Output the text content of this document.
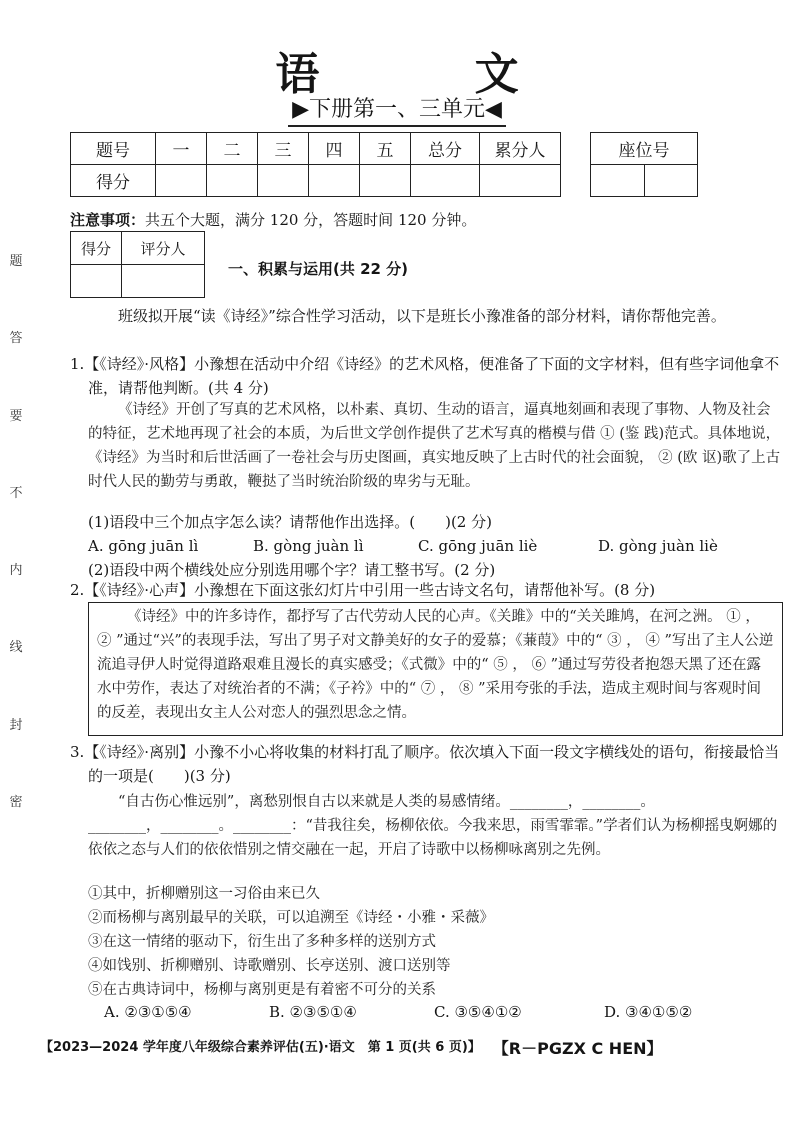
题
答
要
不
内
线
封
密
语 文
▶下册第一、三单元◀
题号	一	二	三	四	五	总分	累分人
得分							
座位号

注意事项：共五个大题，满分 120 分，答题时间 120 分钟。
得分	评分人

一、积累与运用(共 22 分)
班级拟开展“读《诗经》”综合性学习活动，以下是班长小豫准备的部分材料，请你帮他完善。
1.【《诗经》·风格】小豫想在活动中介绍《诗经》的艺术风格，便准备了下面的文字材料，但有些字词他拿不准，请帮他判断。(共 4 分)
《诗经》开创了写真的艺术风格，以朴素、真切、生动的语言，逼真地刻画和表现了事物、人物及社会的特征，艺术地再现了社会的本质，为后世文学创作提供了艺术写真的楷模与借 ① (鉴 践)范式。具体地说，《诗经》为当时和后世活画了一卷社会与历史图画，真实地反映了上古时代的社会面貌， ② (欧 讴)歌了上古时代人民的勤劳与勇敢，鞭挞了当时统治阶级的卑劣与无耻。
(1)语段中三个加点字怎么读？请帮他作出选择。(　　)(2 分)
A. gōng juān lì	B. gòng juàn lì	C. gōng juān liè	D. gòng juàn liè
(2)语段中两个横线处应分别选用哪个字？请工整书写。(2 分)
2.【《诗经》·心声】小豫想在下面这张幻灯片中引用一些古诗文名句，请帮他补写。(8 分)
《诗经》中的许多诗作，都抒写了古代劳动人民的心声。《关雎》中的“关关雎鸠，在河之洲。 ① ， ② ”通过“兴”的表现手法，写出了男子对文静美好的女子的爱慕；《蒹葭》中的“ ③ ， ④ ”写出了主人公逆流追寻伊人时觉得道路艰难且漫长的真实感受；《式微》中的“ ⑤ ， ⑥ ”通过写劳役者抱怨天黑了还在露水中劳作，表达了对统治者的不满；《子衿》中的“ ⑦ ， ⑧ ”采用夸张的手法，造成主观时间与客观时间的反差，表现出女主人公对恋人的强烈思念之情。
3.【《诗经》·离别】小豫不小心将收集的材料打乱了顺序。依次填入下面一段文字横线处的语句，衔接最恰当的一项是(　　)(3 分)
“自古伤心惟远别”，离愁别恨自古以来就是人类的易感情绪。________，________。
________，________。________：“昔我往矣，杨柳依依。今我来思，雨雪霏霏。”学者们认为杨柳摇曳婀娜的依依之态与人们的依依惜别之情交融在一起，开启了诗歌中以杨柳咏离别之先例。
①其中，折柳赠别这一习俗由来已久
②而杨柳与离别最早的关联，可以追溯至《诗经・小雅・采薇》
③在这一情绪的驱动下，衍生出了多种多样的送别方式
④如饯别、折柳赠别、诗歌赠别、长亭送别、渡口送别等
⑤在古典诗词中，杨柳与离别更是有着密不可分的关系
A. ②③①⑤④	B. ②③⑤①④	C. ③⑤④①②	D. ③④①⑤②
【2023—2024 学年度八年级综合素养评估(五)·语文　第 1 页(共 6 页)】 【R－PGZX C HEN】
